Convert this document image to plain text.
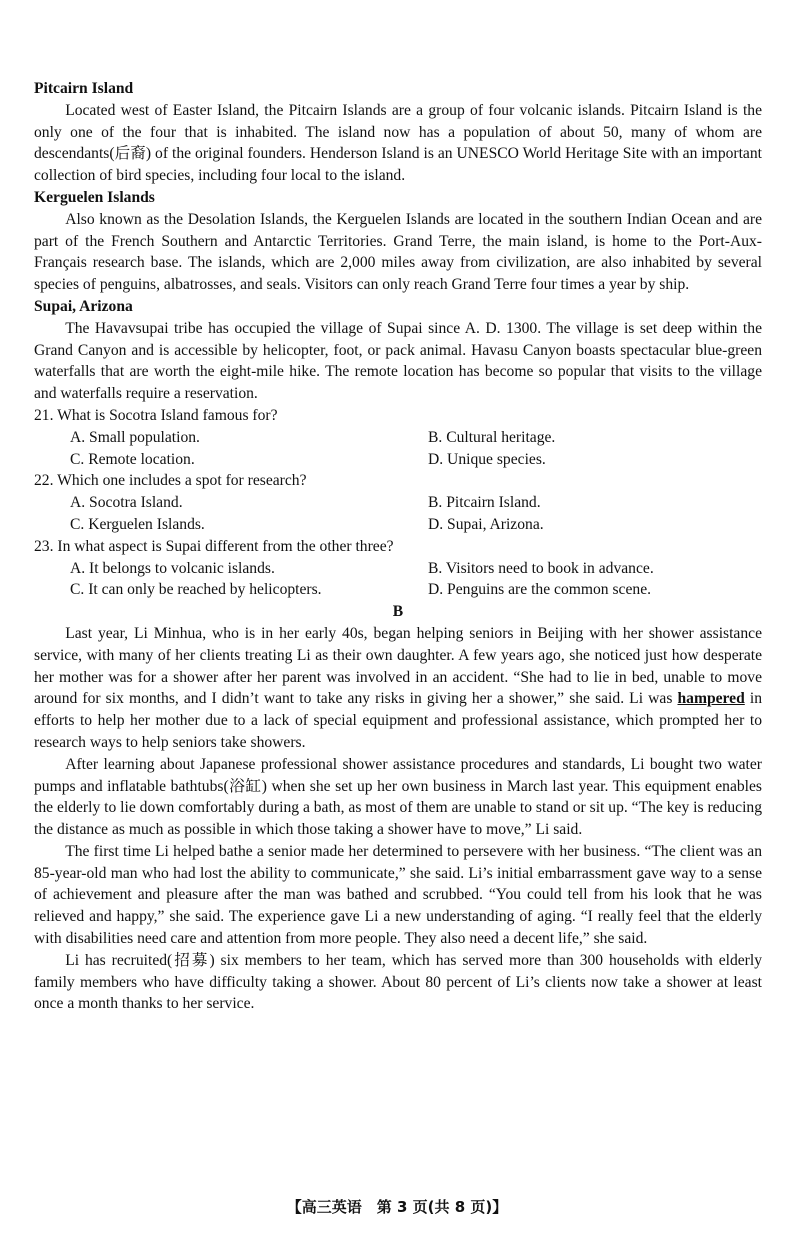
Pitcairn Island

Located west of Easter Island, the Pitcairn Islands are a group of four volcanic islands. Pitcairn Island is the only one of the four that is inhabited. The island now has a population of about 50, many of whom are descendants(后裔) of the original founders. Henderson Island is an UNESCO World Heritage Site with an important collection of bird species, including four local to the island.

Kerguelen Islands

Also known as the Desolation Islands, the Kerguelen Islands are located in the southern Indian Ocean and are part of the French Southern and Antarctic Territories. Grand Terre, the main island, is home to the Port-Aux-Français research base. The islands, which are 2,000 miles away from civilization, are also inhabited by several species of penguins, albatrosses, and seals. Visitors can only reach Grand Terre four times a year by ship.

Supai, Arizona

The Havavsupai tribe has occupied the village of Supai since A. D. 1300. The village is set deep within the Grand Canyon and is accessible by helicopter, foot, or pack animal. Havasu Canyon boasts spectacular blue-green waterfalls that are worth the eight-mile hike. The remote location has become so popular that visits to the village and waterfalls require a reservation.

21. What is Socotra Island famous for?

A. Small population.	B. Cultural heritage.

C. Remote location.	D. Unique species.

22. Which one includes a spot for research?

A. Socotra Island.	B. Pitcairn Island.

C. Kerguelen Islands.	D. Supai, Arizona.

23. In what aspect is Supai different from the other three?

A. It belongs to volcanic islands.	B. Visitors need to book in advance.

C. It can only be reached by helicopters.	D. Penguins are the common scene.

B

Last year, Li Minhua, who is in her early 40s, began helping seniors in Beijing with her shower assistance service, with many of her clients treating Li as their own daughter. A few years ago, she noticed just how desperate her mother was for a shower after her parent was involved in an accident. “She had to lie in bed, unable to move around for six months, and I didn’t want to take any risks in giving her a shower,” she said. Li was hampered in efforts to help her mother due to a lack of special equipment and professional assistance, which prompted her to research ways to help seniors take showers.

After learning about Japanese professional shower assistance procedures and standards, Li bought two water pumps and inflatable bathtubs(浴缸) when she set up her own business in March last year. This equipment enables the elderly to lie down comfortably during a bath, as most of them are unable to stand or sit up. “The key is reducing the distance as much as possible in which those taking a shower have to move,” Li said.

The first time Li helped bathe a senior made her determined to persevere with her business. “The client was an 85-year-old man who had lost the ability to communicate,” she said. Li’s initial embarrassment gave way to a sense of achievement and pleasure after the man was bathed and scrubbed. “You could tell from his look that he was relieved and happy,” she said. The experience gave Li a new understanding of aging. “I really feel that the elderly with disabilities need care and attention from more people. They also need a decent life,” she said.

Li has recruited(招募) six members to her team, which has served more than 300 households with elderly family members who have difficulty taking a shower. About 80 percent of Li’s clients now take a shower at least once a month thanks to her service.

【高三英语　第 3 页(共 8 页)】
